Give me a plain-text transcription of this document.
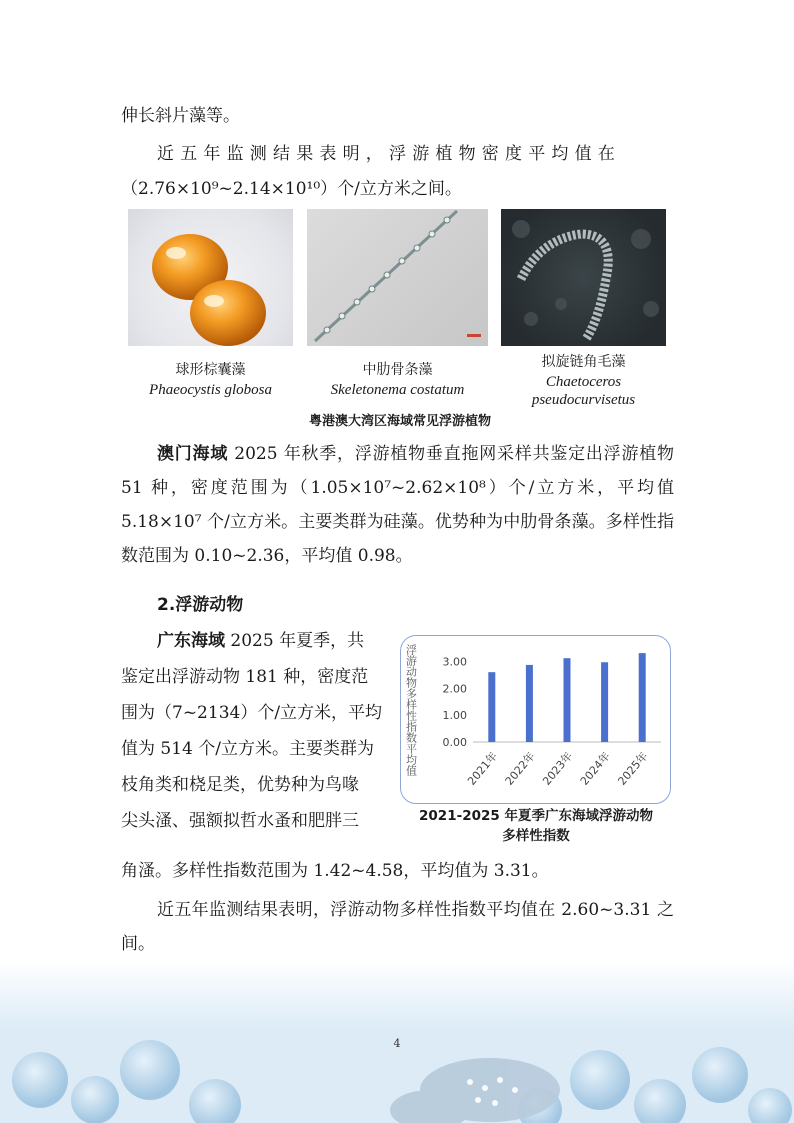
伸长斜片藻等。

近五年监测结果表明，浮游植物密度平均值在

（2.76×10⁹~2.14×10¹⁰）个/立方米之间。

球形棕囊藻
Phaeocystis globosa
中肋骨条藻
Skeletonema costatum
拟旋链角毛藻
Chaetoceros
pseudocurvisetus
粤港澳大湾区海域常见浮游植物

澳门海域 2025 年秋季，浮游植物垂直拖网采样共鉴定出浮游植物 51 种，密度范围为（1.05×10⁷~2.62×10⁸）个/立方米，平均值 5.18×10⁷ 个/立方米。主要类群为硅藻。优势种为中肋骨条藻。多样性指数范围为 0.10~2.36，平均值 0.98。

2.浮游动物

广东海域 2025 年夏季，共
鉴定出浮游动物 181 种，密度范
围为（7~2134）个/立方米，平均
值为 514 个/立方米。主要类群为
枝角类和桡足类，优势种为鸟喙
尖头溞、强额拟哲水蚤和肥胖三

角溞。多样性指数范围为 1.42~4.58，平均值为 3.31。

浮游动物多样性指数平均值 0.00
1.00
2.00
3.00
2021年 2022年 2023年 2024年 2025年
2021-2025 年夏季广东海域浮游动物
多样性指数

近五年监测结果表明，浮游动物多样性指数平均值在 2.60~3.31 之间。

4
